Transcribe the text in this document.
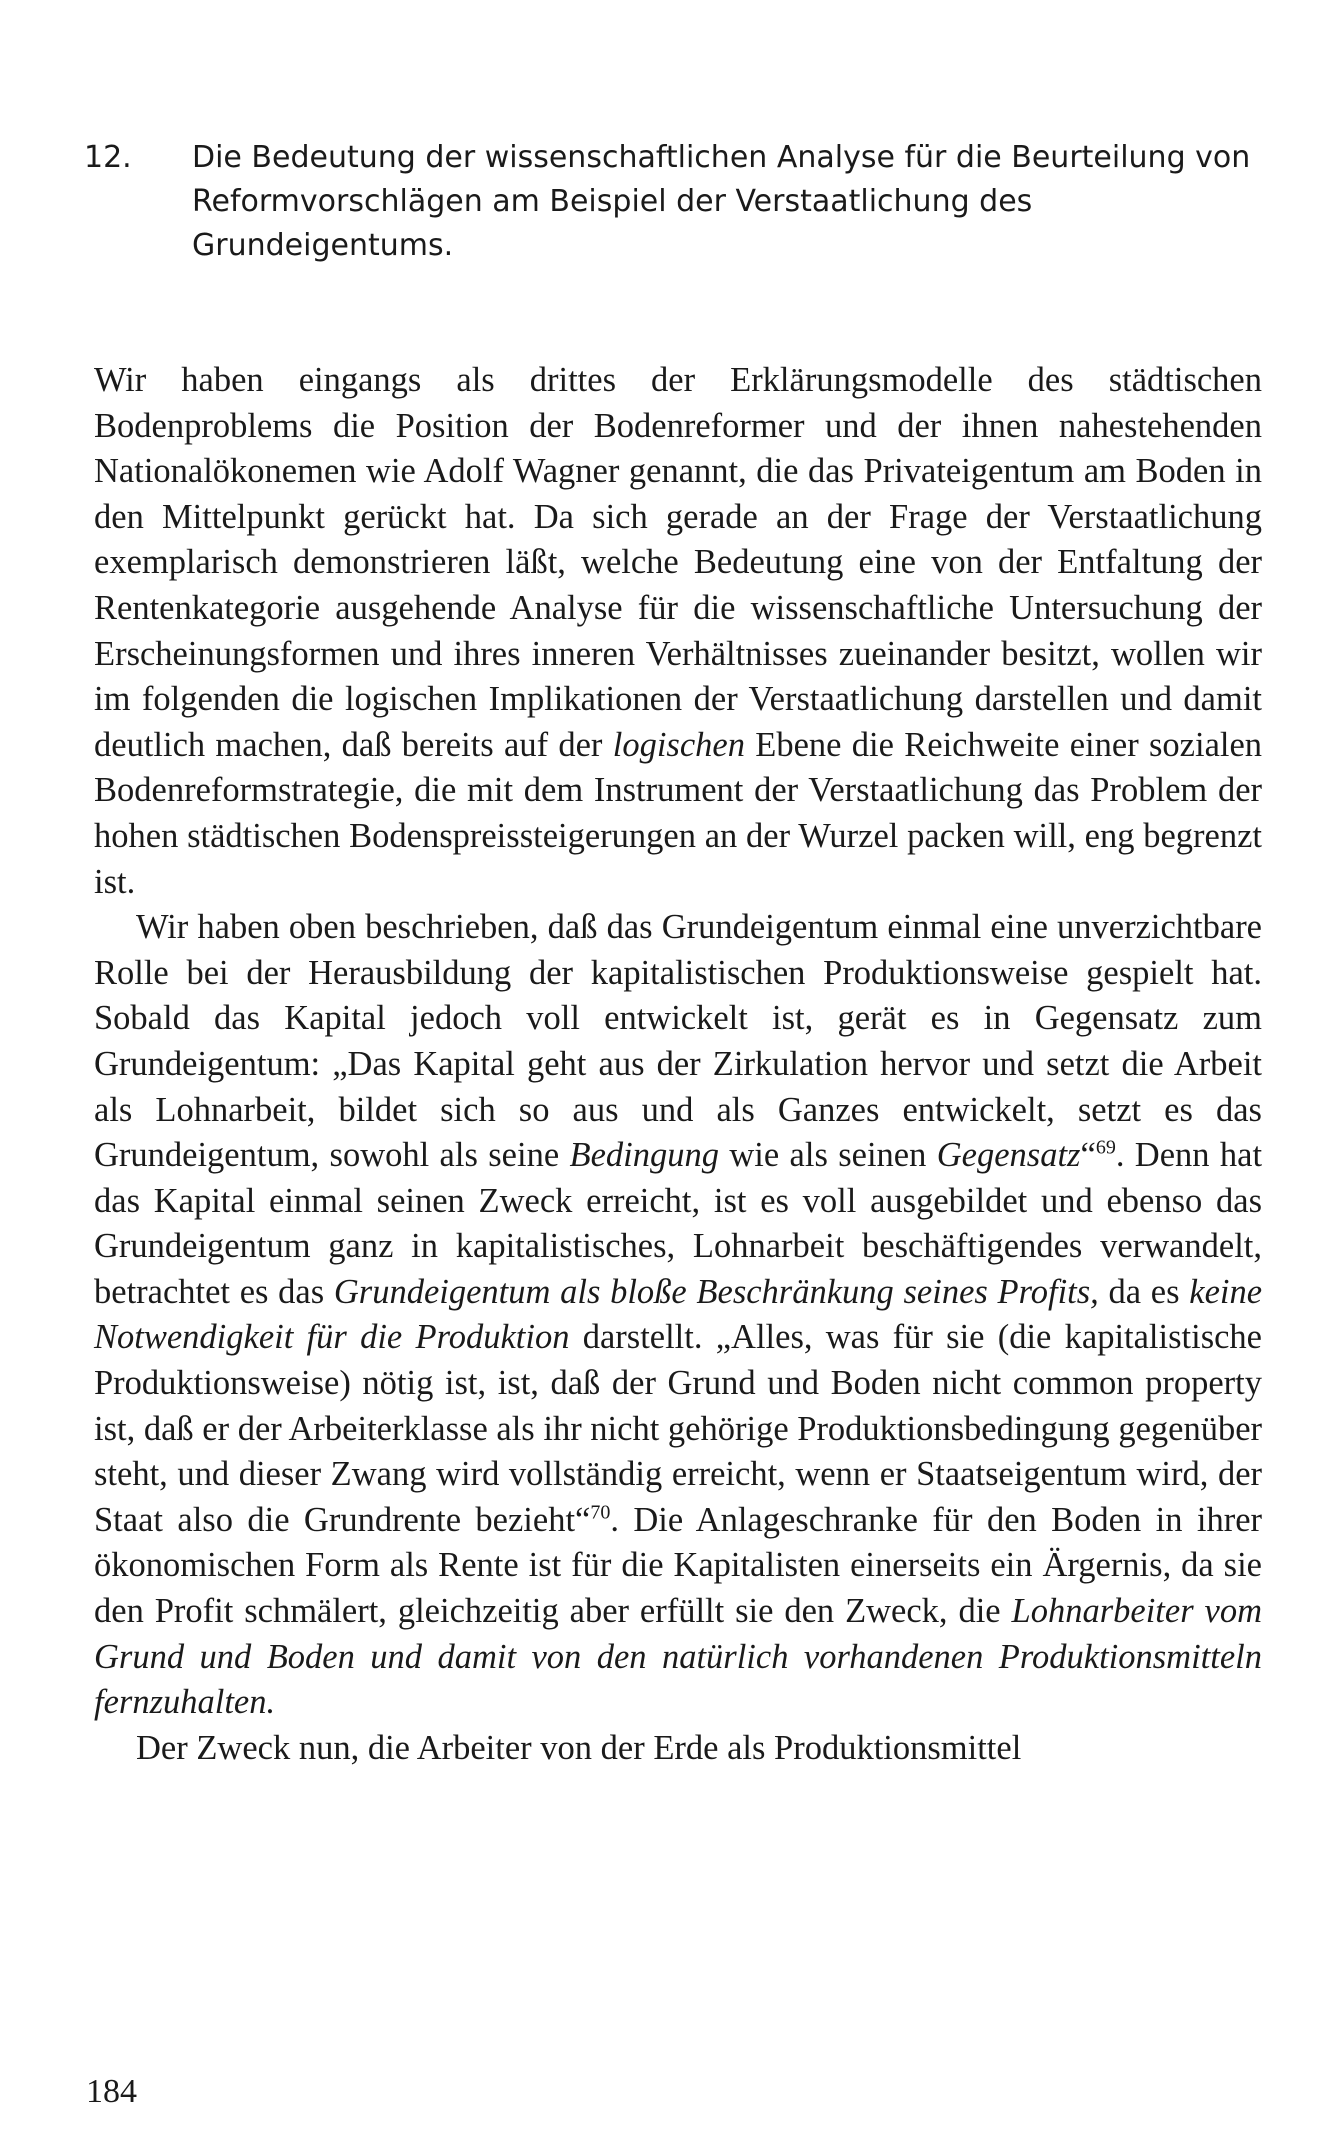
12. Die Bedeutung der wissenschaftlichen Analyse für die Beurteilung von Reformvorschlägen am Beispiel der Verstaatlichung des Grundeigentums.

Wir haben eingangs als drittes der Erklärungsmodelle des städtischen Bodenproblems die Position der Bodenreformer und der ihnen nahestehenden Nationalökonemen wie Adolf Wagner genannt, die das Privateigentum am Boden in den Mittelpunkt gerückt hat. Da sich gerade an der Frage der Verstaatlichung exemplarisch demonstrieren läßt, welche Bedeutung eine von der Entfaltung der Rentenkategorie ausgehende Analyse für die wissenschaftliche Untersuchung der Erscheinungsformen und ihres inneren Verhältnisses zueinander besitzt, wollen wir im folgenden die logischen Implikationen der Verstaatlichung darstellen und damit deutlich machen, daß bereits auf der logischen Ebene die Reichweite einer sozialen Bodenreformstrategie, die mit dem Instrument der Verstaatlichung das Problem der hohen städtischen Bodenspreissteigerungen an der Wurzel packen will, eng begrenzt ist.

Wir haben oben beschrieben, daß das Grundeigentum einmal eine unverzichtbare Rolle bei der Herausbildung der kapitalistischen Produktionsweise gespielt hat. Sobald das Kapital jedoch voll entwickelt ist, gerät es in Gegensatz zum Grundeigentum: „Das Kapital geht aus der Zirkulation hervor und setzt die Arbeit als Lohnarbeit, bildet sich so aus und als Ganzes entwickelt, setzt es das Grundeigentum, sowohl als seine Bedingung wie als seinen Gegensatz“$^{69}$. Denn hat das Kapital einmal seinen Zweck erreicht, ist es voll ausgebildet und ebenso das Grundeigentum ganz in kapitalistisches, Lohnarbeit beschäftigendes verwandelt, betrachtet es das Grundeigentum als bloße Beschränkung seines Profits, da es keine Notwendigkeit für die Produktion darstellt. „Alles, was für sie (die kapitalistische Produktionsweise) nötig ist, ist, daß der Grund und Boden nicht common property ist, daß er der Arbeiterklasse als ihr nicht gehörige Produktionsbedingung gegenüber steht, und dieser Zwang wird vollständig erreicht, wenn er Staatseigentum wird, der Staat also die Grundrente bezieht“$^{70}$. Die Anlageschranke für den Boden in ihrer ökonomischen Form als Rente ist für die Kapitalisten einerseits ein Ärgernis, da sie den Profit schmälert, gleichzeitig aber erfüllt sie den Zweck, die Lohnarbeiter vom Grund und Boden und damit von den natürlich vorhandenen Produktionsmitteln fernzuhalten.

Der Zweck nun, die Arbeiter von der Erde als Produktionsmittel

184
